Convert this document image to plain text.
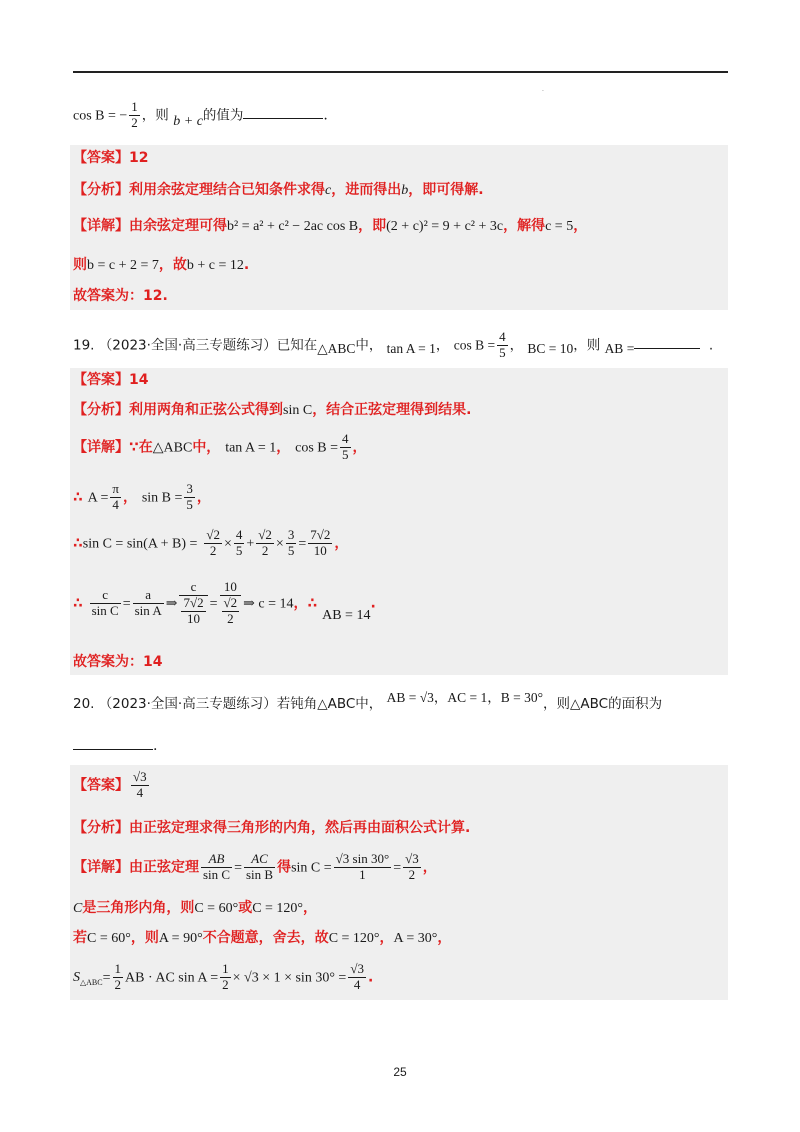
.
cos B = − $\frac{1}{2}$ ，则 b + c的值为	.
【答案】12
【分析】利用余弦定理结合已知条件求得c，进而得出b，即可得解.
【详解】由余弦定理可得b² = a² + c² − 2ac cos B，即(2 + c)² = 9 + c² + 3c，解得c = 5，
则b = c + 2 = 7，故b + c = 12.
故答案为：12.
19. （2023·全国·高三专题练习）已知在△ABC中， tan A = 1， $\cos B = \frac{4}{5}$ ， BC = 10，则 AB =	.
【答案】14
【分析】利用两角和正弦公式得到sin C，结合正弦定理得到结果.
【详解】∵在△ABC中， tan A = 1， $\cos B = \frac{4}{5}$ ，
∴ $A = \frac{\pi}{4}$ ， $\sin B = \frac{3}{5}$ ，
∴sin $C = \sin(A + B) = \frac{√2}{2} \times \frac{4}{5} + \frac{√2}{2} \times \frac{3}{5} = \frac{7√2}{10}$ ，
∴ $\frac{c}{\text{sin C}} = \frac{a}{\text{sin A}}$ ⇒ $\frac{c}{\frac{7√2}{10}} = \frac{10}{\frac{√2}{2}}$ ⇒ c = 14，∴ AB = 14.
故答案为：14
20. （2023·全国·高三专题练习）若钝角△ABC中， AB = √3，AC = 1，B = 30°，则△ABC的面积为
.
【答案】 $\frac{√3}{4}$
【分析】由正弦定理求得三角形的内角，然后再由面积公式计算.
【详解】由正弦定理 $\frac{AB}{\text{sin C}} = \frac{AC}{\text{sin B}}$ 得$\sin C = \frac{√3 \sin 30^\circ}{1} = \frac{√3}{2}$ ，
C是三角形内角，则C = 60°或C = 120°，
若C = 60°，则A = 90°不合题意，舍去，故C = 120°，A = 30°，
$S_{\triangle ABC}= \frac{1}{2}$ AB · AC $\sin A = \frac{1}{2} \times √3 \times 1 \times \sin 30^\circ = \frac{√3}{4}$ .
25
